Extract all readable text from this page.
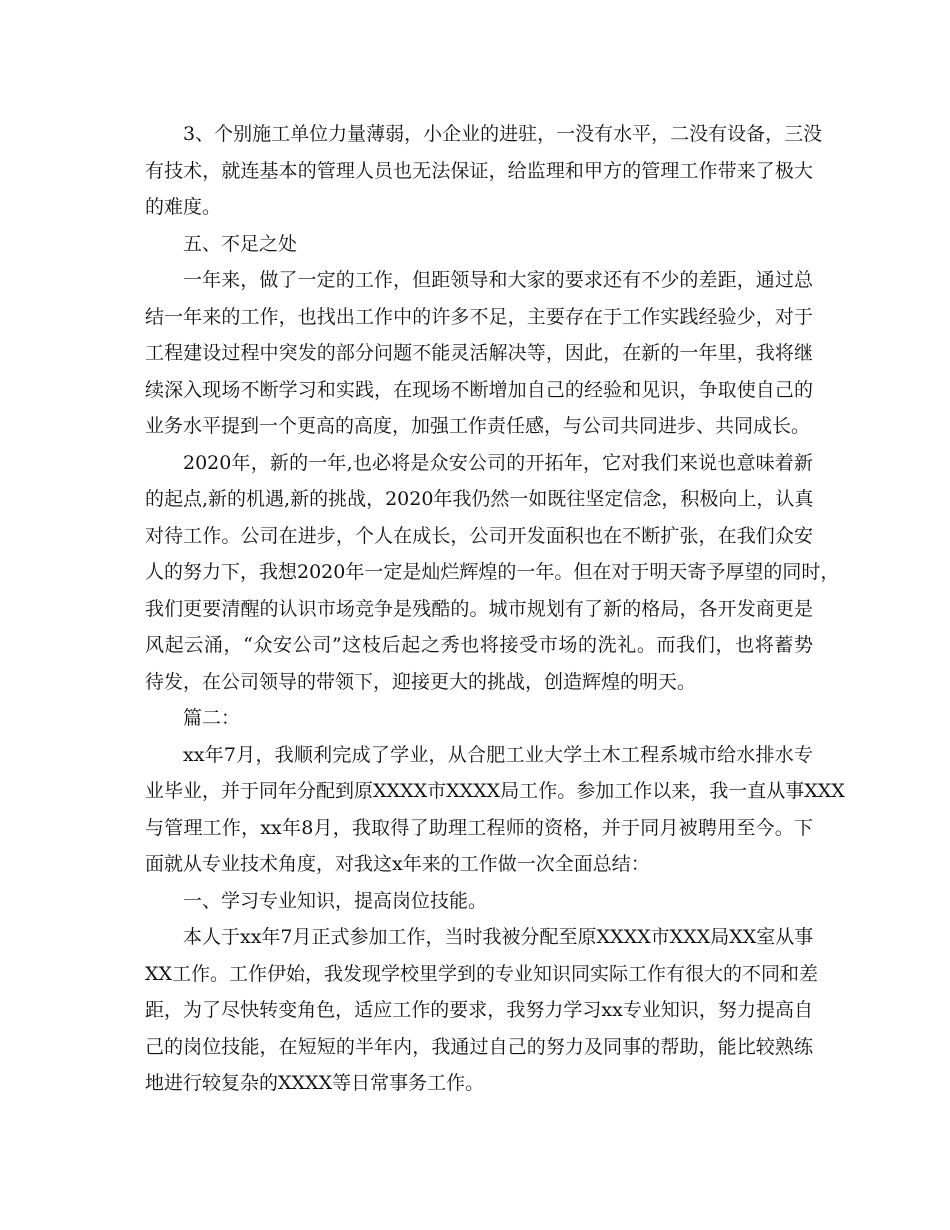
3、个别施工单位力量薄弱，小企业的进驻，一没有水平，二没有设备，三没
有技术，就连基本的管理人员也无法保证，给监理和甲方的管理工作带来了极大
的难度。
五、不足之处
一年来，做了一定的工作，但距领导和大家的要求还有不少的差距，通过总
结一年来的工作，也找出工作中的许多不足，主要存在于工作实践经验少，对于
工程建设过程中突发的部分问题不能灵活解决等，因此，在新的一年里，我将继
续深入现场不断学习和实践，在现场不断增加自己的经验和见识，争取使自己的
业务水平提到一个更高的高度，加强工作责任感，与公司共同进步、共同成长。
2020年，新的一年,也必将是众安公司的开拓年，它对我们来说也意味着新
的起点,新的机遇,新的挑战，2020年我仍然一如既往坚定信念，积极向上，认真
对待工作。公司在进步，个人在成长，公司开发面积也在不断扩张，在我们众安
人的努力下，我想2020年一定是灿烂辉煌的一年。但在对于明天寄予厚望的同时，
我们更要清醒的认识市场竞争是残酷的。城市规划有了新的格局，各开发商更是
风起云涌，“众安公司”这枝后起之秀也将接受市场的洗礼。而我们，也将蓄势
待发，在公司领导的带领下，迎接更大的挑战，创造辉煌的明天。
篇二：
xx年7月，我顺利完成了学业，从合肥工业大学土木工程系城市给水排水专
业毕业，并于同年分配到原XXXX市XXXX局工作。参加工作以来，我一直从事XXX
与管理工作，xx年8月，我取得了助理工程师的资格，并于同月被聘用至今。下
面就从专业技术角度，对我这x年来的工作做一次全面总结：
一、学习专业知识，提高岗位技能。
本人于xx年7月正式参加工作，当时我被分配至原XXXX市XXX局XX室从事
XX工作。工作伊始，我发现学校里学到的专业知识同实际工作有很大的不同和差
距，为了尽快转变角色，适应工作的要求，我努力学习xx专业知识，努力提高自
己的岗位技能，在短短的半年内，我通过自己的努力及同事的帮助，能比较熟练
地进行较复杂的XXXX等日常事务工作。
